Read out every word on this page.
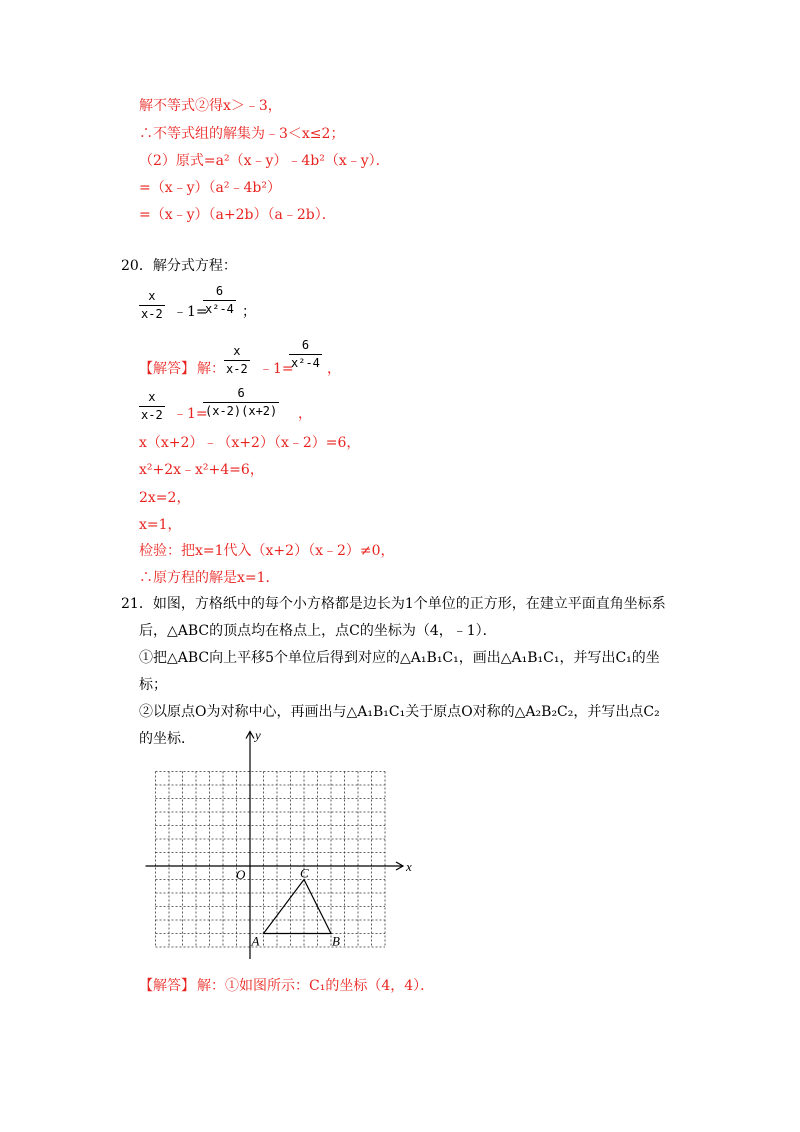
解不等式②得x＞﹣3，
∴不等式组的解集为﹣3＜x≤2；
（2）原式=a²（x﹣y）﹣4b²（x﹣y）．
=（x﹣y）（a²﹣4b²）
=（x﹣y）（a+2b）（a﹣2b）．
20．解分式方程：
x
x-2 ﹣1=
6
x²-4 ；
【解答】 解：
x
x-2 ﹣1=
6
x²-4 ，
x
x-2 ﹣1=
6
(x-2)(x+2) ，
x（x+2）﹣（x+2）（x﹣2）=6，
x²+2x﹣x²+4=6，
2x=2，
x=1，
检验：把x=1代入（x+2）（x﹣2）≠0，
∴原方程的解是x=1．
21．如图，方格纸中的每个小方格都是边长为1个单位的正方形，在建立平面直角坐标系
后，△ABC的顶点均在格点上，点C的坐标为（4，﹣1）．
①把△ABC向上平移5个单位后得到对应的△A₁B₁C₁，画出△A₁B₁C₁，并写出C₁的坐
标；
②以原点O为对称中心，再画出与△A₁B₁C₁关于原点O对称的△A₂B₂C₂，并写出点C₂
的坐标．
x
y
O
A	B
C
【解答】 解：①如图所示：C₁的坐标（4，4）．
